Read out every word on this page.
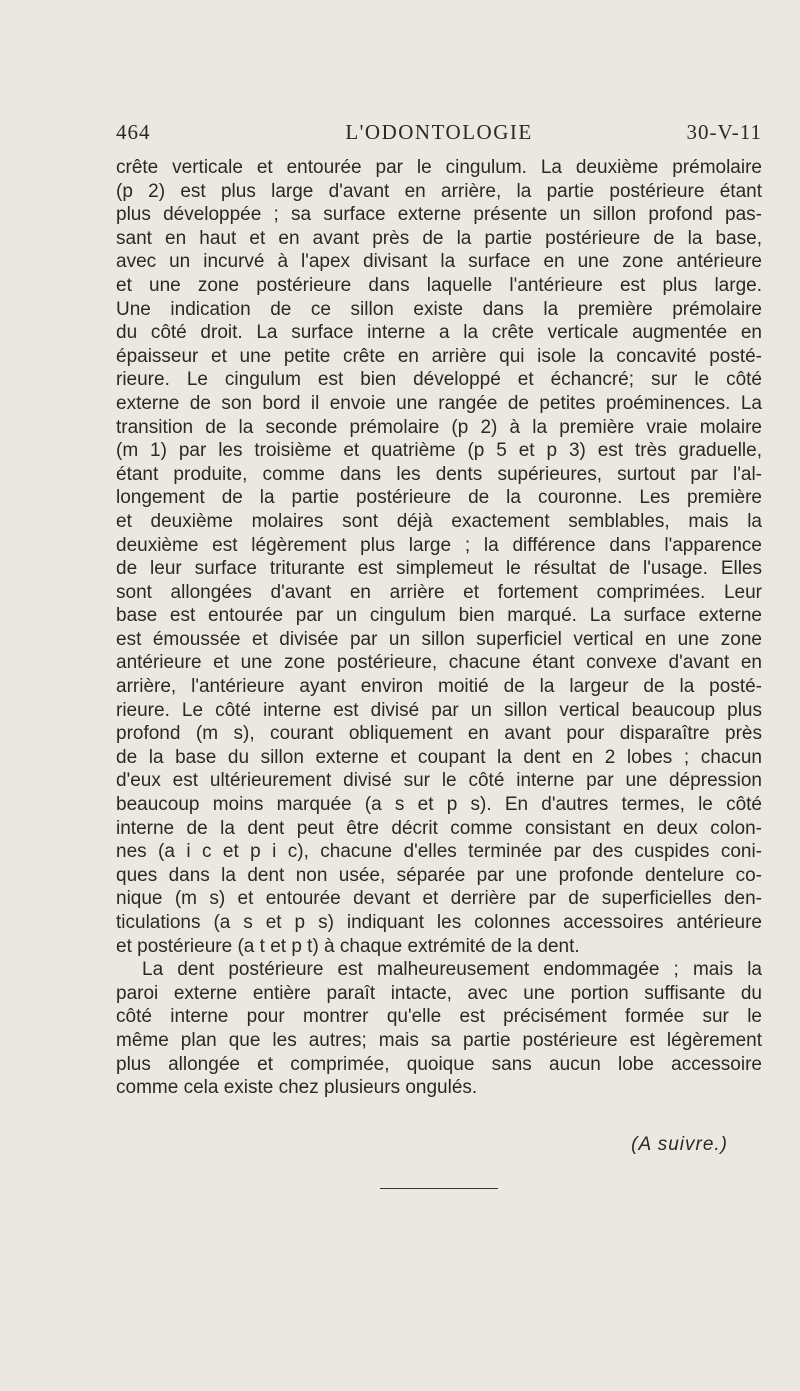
464	L'ODONTOLOGIE	30-V-11
crête verticale et entourée par le cingulum. La deuxième prémolaire
(p 2) est plus large d'avant en arrière, la partie postérieure étant
plus développée ; sa surface externe présente un sillon profond pas-
sant en haut et en avant près de la partie postérieure de la base,
avec un incurvé à l'apex divisant la surface en une zone antérieure
et une zone postérieure dans laquelle l'antérieure est plus large.
Une indication de ce sillon existe dans la première prémolaire
du côté droit. La surface interne a la crête verticale augmentée en
épaisseur et une petite crête en arrière qui isole la concavité posté-
rieure. Le cingulum est bien développé et échancré; sur le côté
externe de son bord il envoie une rangée de petites proéminences. La
transition de la seconde prémolaire (p 2) à la première vraie molaire
(m 1) par les troisième et quatrième (p 5 et p 3) est très graduelle,
étant produite, comme dans les dents supérieures, surtout par l'al-
longement de la partie postérieure de la couronne. Les première
et deuxième molaires sont déjà exactement semblables, mais la
deuxième est légèrement plus large ; la différence dans l'apparence
de leur surface triturante est simplemeut le résultat de l'usage. Elles
sont allongées d'avant en arrière et fortement comprimées. Leur
base est entourée par un cingulum bien marqué. La surface externe
est émoussée et divisée par un sillon superficiel vertical en une zone
antérieure et une zone postérieure, chacune étant convexe d'avant en
arrière, l'antérieure ayant environ moitié de la largeur de la posté-
rieure. Le côté interne est divisé par un sillon vertical beaucoup plus
profond (m s), courant obliquement en avant pour disparaître près
de la base du sillon externe et coupant la dent en 2 lobes ; chacun
d'eux est ultérieurement divisé sur le côté interne par une dépression
beaucoup moins marquée (a s et p s). En d'autres termes, le côté
interne de la dent peut être décrit comme consistant en deux colon-
nes (a i c et p i c), chacune d'elles terminée par des cuspides coni-
ques dans la dent non usée, séparée par une profonde dentelure co-
nique (m s) et entourée devant et derrière par de superficielles den-
ticulations (a s et p s) indiquant les colonnes accessoires antérieure
et postérieure (a t et p t) à chaque extrémité de la dent.
La dent postérieure est malheureusement endommagée ; mais la
paroi externe entière paraît intacte, avec une portion suffisante du
côté interne pour montrer qu'elle est précisément formée sur le
même plan que les autres; mais sa partie postérieure est légèrement
plus allongée et comprimée, quoique sans aucun lobe accessoire
comme cela existe chez plusieurs ongulés.
(A suivre.)
